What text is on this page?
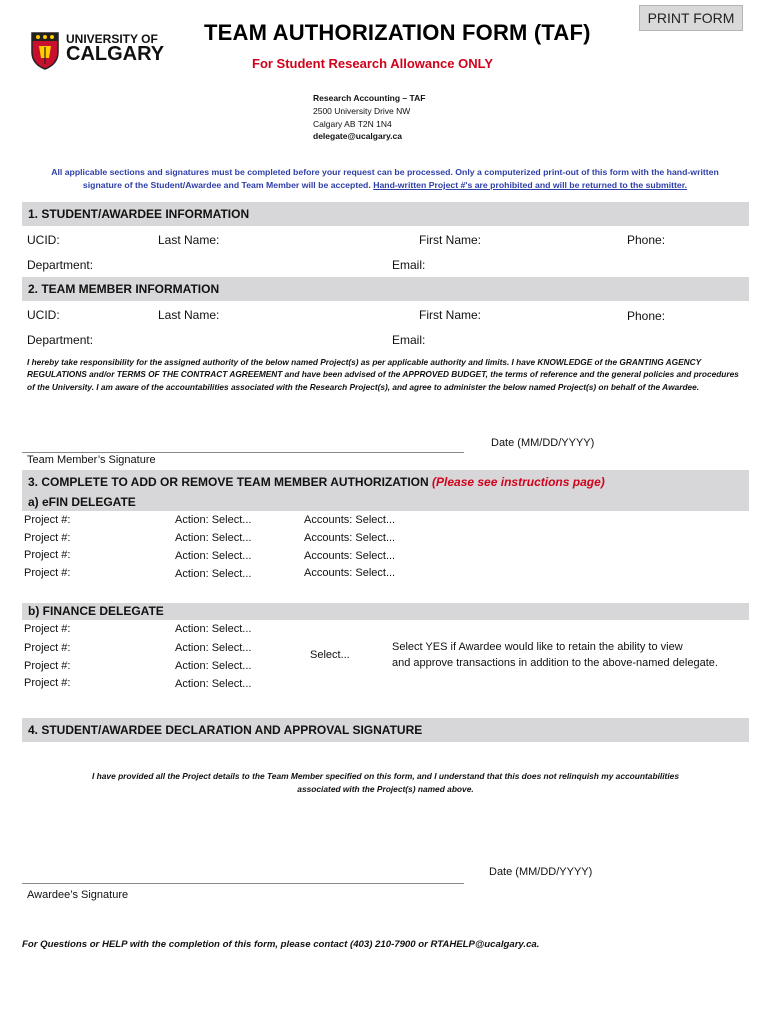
PRINT FORM
UNIVERSITY OF
CALGARY
TEAM AUTHORIZATION FORM (TAF)
For Student Research Allowance ONLY
Research Accounting – TAF
2500 University Drive NW
Calgary AB T2N 1N4
delegate@ucalgary.ca
All applicable sections and signatures must be completed before your request can be processed. Only a computerized print-out of this form with the hand-written
signature of the Student/Awardee and Team Member will be accepted. Hand-written Project #'s are prohibited and will be returned to the submitter.
1. STUDENT/AWARDEE INFORMATION
UCID:	Last Name:	First Name:	Phone:
Department:	Email:
2. TEAM MEMBER INFORMATION
UCID:	Last Name:	First Name:	Phone:
Department:	Email:
I hereby take responsibility for the assigned authority of the below named Project(s) as per applicable authority and limits. I have KNOWLEDGE of the GRANTING AGENCY REGULATIONS and/or TERMS OF THE CONTRACT AGREEMENT and have been advised of the APPROVED BUDGET, the terms of reference and the general policies and procedures of the University. I am aware of the accountabilities associated with the Research Project(s), and agree to administer the below named Project(s) on behalf of the Awardee.
Date (MM/DD/YYYY)
Team Member’s Signature
3. COMPLETE TO ADD OR REMOVE TEAM MEMBER AUTHORIZATION (Please see instructions page)
a) eFIN DELEGATE
Project #:	Action: Select...	Accounts: Select...
Project #:	Action: Select...	Accounts: Select...
Project #:	Action: Select...	Accounts: Select...
Project #:	Action: Select...	Accounts: Select...
b) FINANCE DELEGATE
Project #:	Action: Select...
Project #:	Action: Select...
Project #:	Action: Select...
Project #:	Action: Select...
Select...
Select YES if Awardee would like to retain the ability to view
and approve transactions in addition to the above-named delegate.
4. STUDENT/AWARDEE DECLARATION AND APPROVAL SIGNATURE
I have provided all the Project details to the Team Member specified on this form, and I understand that this does not relinquish my accountabilities
associated with the Project(s) named above.
Date (MM/DD/YYYY)
Awardee’s Signature
For Questions or HELP with the completion of this form, please contact (403) 210-7900 or RTAHELP@ucalgary.ca.
